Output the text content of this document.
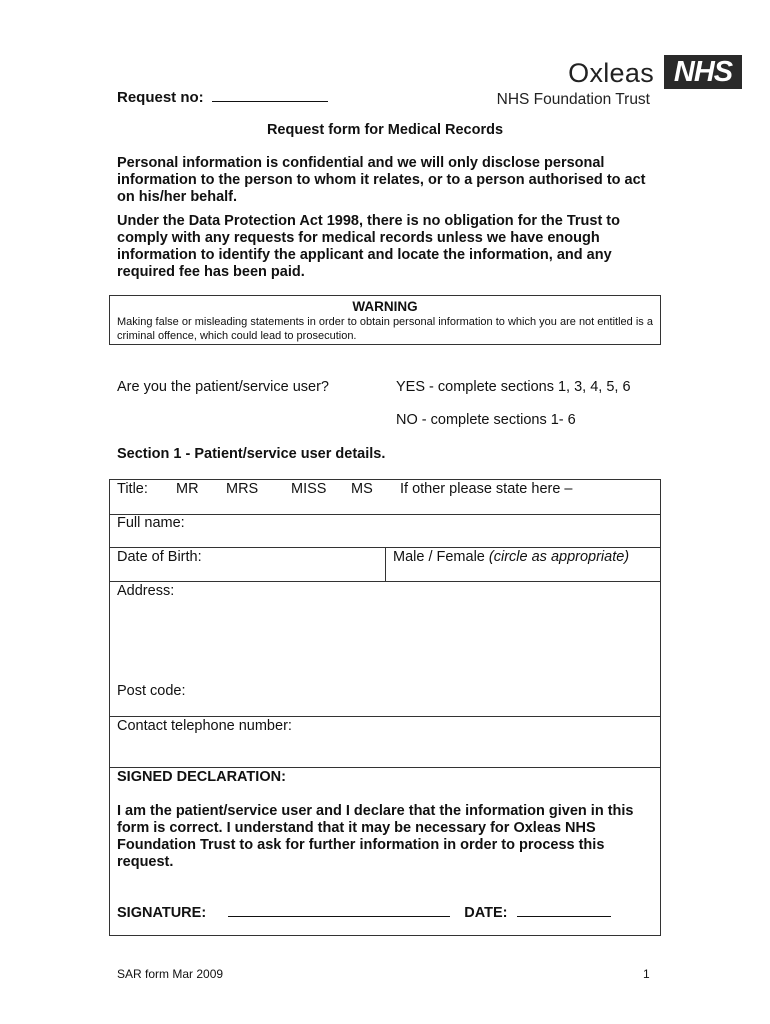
Oxleas NHS
NHS Foundation Trust
Request no:
Request form for Medical Records
Personal information is confidential and we will only disclose personal information to the person to whom it relates, or to a person authorised to act on his/her behalf.
Under the Data Protection Act 1998, there is no obligation for the Trust to comply with any requests for medical records unless we have enough information to identify the applicant and locate the information, and any required fee has been paid.
WARNING
Making false or misleading statements in order to obtain personal information to which you are not entitled is a criminal offence, which could lead to prosecution.
Are you the patient/service user?	YES - complete sections 1, 3, 4, 5, 6
NO - complete sections 1- 6
Section 1 - Patient/service user details.
Title: MR MRS MISS MS If other please state here –
Full name:
Date of Birth:	Male / Female (circle as appropriate)
Address:
Post code:
Contact telephone number:
SIGNED DECLARATION:
I am the patient/service user and I declare that the information given in this form is correct. I understand that it may be necessary for Oxleas NHS Foundation Trust to ask for further information in order to process this request.
SIGNATURE:	DATE:
SAR form Mar 2009	1
